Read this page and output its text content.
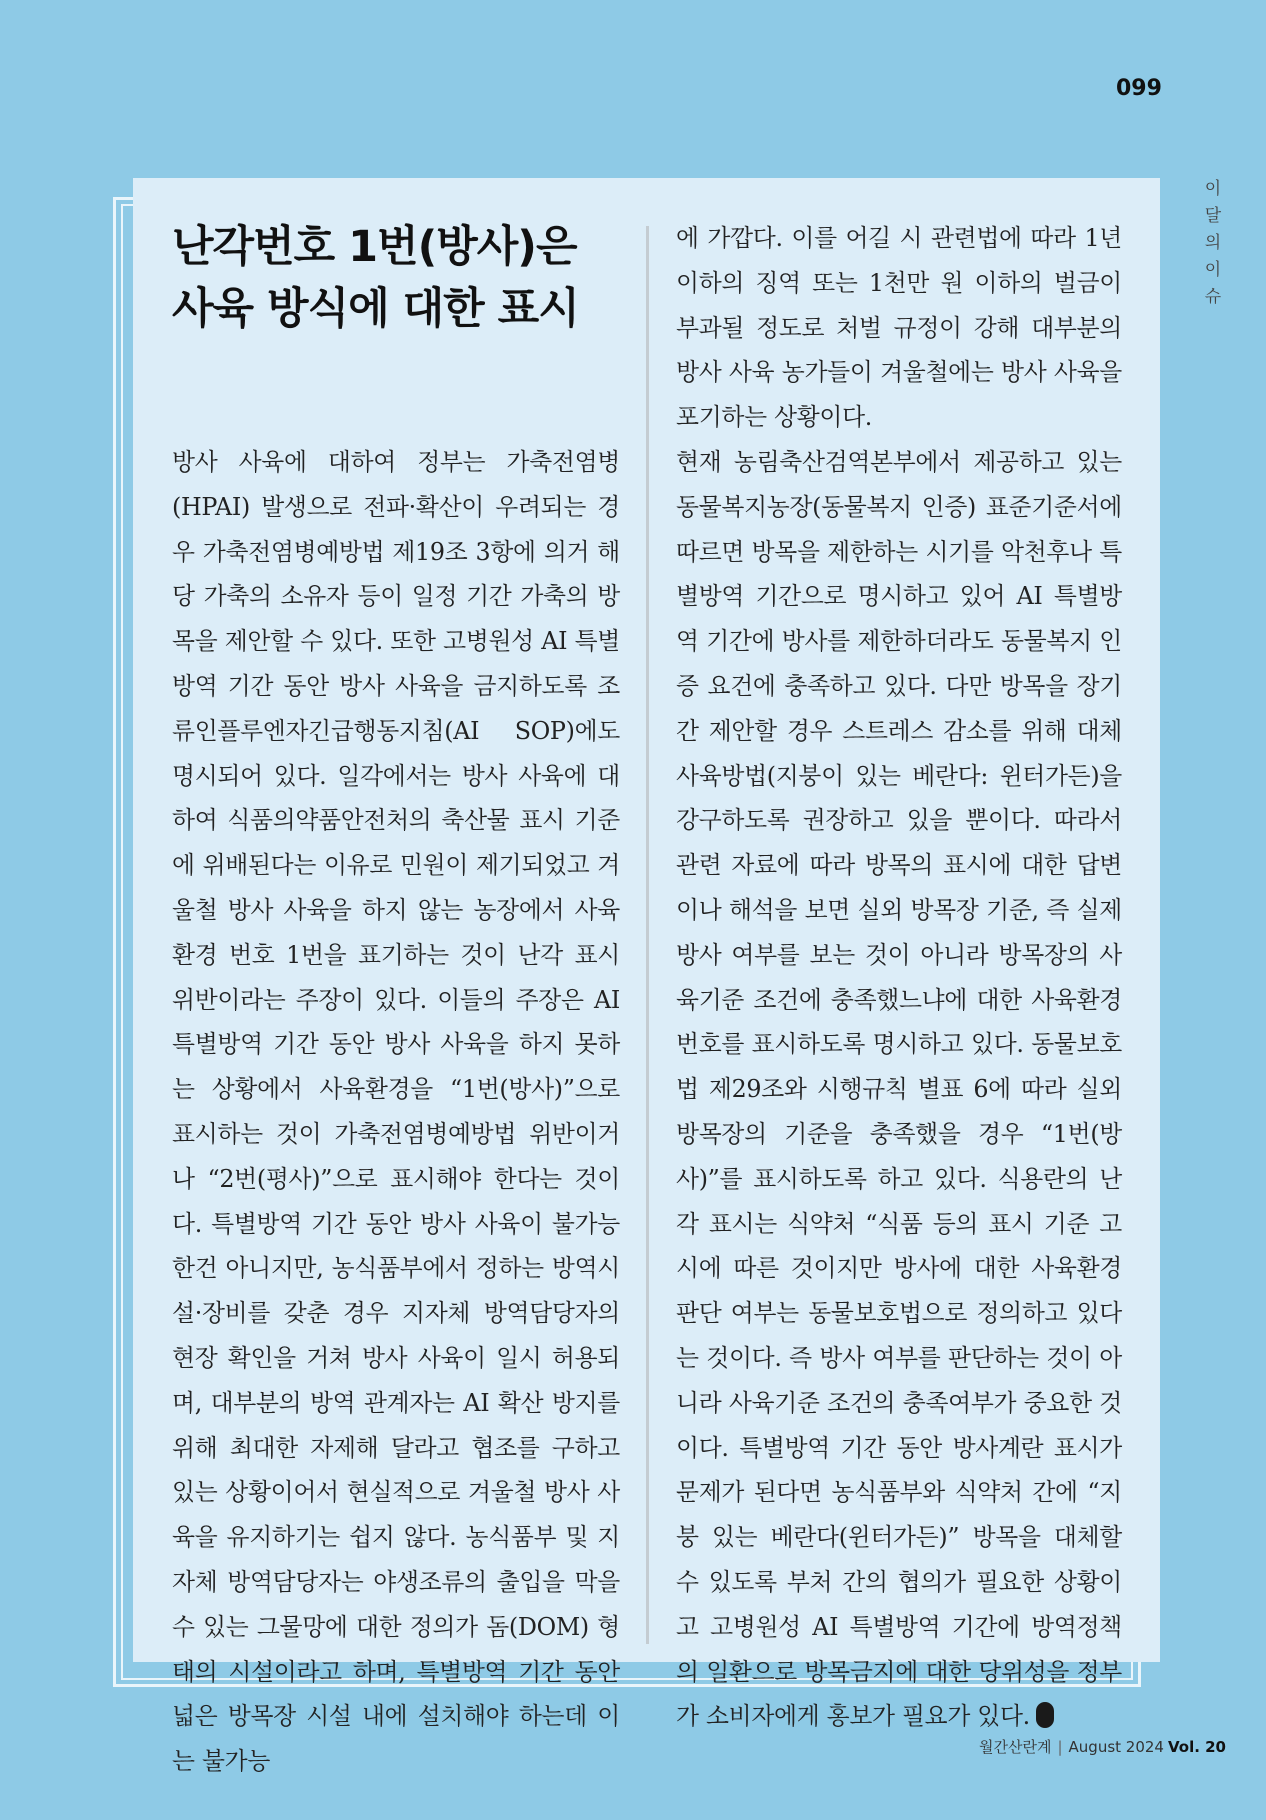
099
이
달
의
이
슈
난각번호 1번(방사)은
사육 방식에 대한 표시

방사 사육에 대하여 정부는 가축전염병(HPAI) 발생으로 전파·확산이 우려되는 경우 가축전염병예방법 제19조 3항에 의거 해당 가축의 소유자 등이 일정 기간 가축의 방목을 제안할 수 있다. 또한 고병원성 AI 특별방역 기간 동안 방사 사육을 금지하도록 조류인플루엔자긴급행동지침(AI SOP)에도 명시되어 있다. 일각에서는 방사 사육에 대하여 식품의약품안전처의 축산물 표시 기준에 위배된다는 이유로 민원이 제기되었고 겨울철 방사 사육을 하지 않는 농장에서 사육환경 번호 1번을 표기하는 것이 난각 표시 위반이라는 주장이 있다. 이들의 주장은 AI 특별방역 기간 동안 방사 사육을 하지 못하는 상황에서 사육환경을 “1번(방사)”으로 표시하는 것이 가축전염병예방법 위반이거나 “2번(평사)”으로 표시해야 한다는 것이다. 특별방역 기간 동안 방사 사육이 불가능한건 아니지만, 농식품부에서 정하는 방역시설·장비를 갖춘 경우 지자체 방역담당자의 현장 확인을 거쳐 방사 사육이 일시 허용되며, 대부분의 방역 관계자는 AI 확산 방지를 위해 최대한 자제해 달라고 협조를 구하고 있는 상황이어서 현실적으로 겨울철 방사 사육을 유지하기는 쉽지 않다. 농식품부 및 지자체 방역담당자는 야생조류의 출입을 막을 수 있는 그물망에 대한 정의가 돔(DOM) 형태의 시설이라고 하며, 특별방역 기간 동안 넓은 방목장 시설 내에 설치해야 하는데 이는 불가능

에 가깝다. 이를 어길 시 관련법에 따라 1년 이하의 징역 또는 1천만 원 이하의 벌금이 부과될 정도로 처벌 규정이 강해 대부분의 방사 사육 농가들이 겨울철에는 방사 사육을 포기하는 상황이다.

현재 농림축산검역본부에서 제공하고 있는 동물복지농장(동물복지 인증) 표준기준서에 따르면 방목을 제한하는 시기를 악천후나 특별방역 기간으로 명시하고 있어 AI 특별방역 기간에 방사를 제한하더라도 동물복지 인증 요건에 충족하고 있다. 다만 방목을 장기간 제안할 경우 스트레스 감소를 위해 대체 사육방법(지붕이 있는 베란다: 윈터가든)을 강구하도록 권장하고 있을 뿐이다. 따라서 관련 자료에 따라 방목의 표시에 대한 답변이나 해석을 보면 실외 방목장 기준, 즉 실제 방사 여부를 보는 것이 아니라 방목장의 사육기준 조건에 충족했느냐에 대한 사육환경 번호를 표시하도록 명시하고 있다. 동물보호법 제29조와 시행규칙 별표 6에 따라 실외 방목장의 기준을 충족했을 경우 “1번(방사)”를 표시하도록 하고 있다. 식용란의 난각 표시는 식약처 “식품 등의 표시 기준 고시에 따른 것이지만 방사에 대한 사육환경 판단 여부는 동물보호법으로 정의하고 있다는 것이다. 즉 방사 여부를 판단하는 것이 아니라 사육기준 조건의 충족여부가 중요한 것이다. 특별방역 기간 동안 방사계란 표시가 문제가 된다면 농식품부와 식약처 간에 “지붕 있는 베란다(윈터가든)” 방목을 대체할 수 있도록 부처 간의 협의가 필요한 상황이고 고병원성 AI 특별방역 기간에 방역정책의 일환으로 방목금지에 대한 당위성을 정부가 소비자에게 홍보가 필요가 있다.

월간산란계 | August 2024 Vol. 20
